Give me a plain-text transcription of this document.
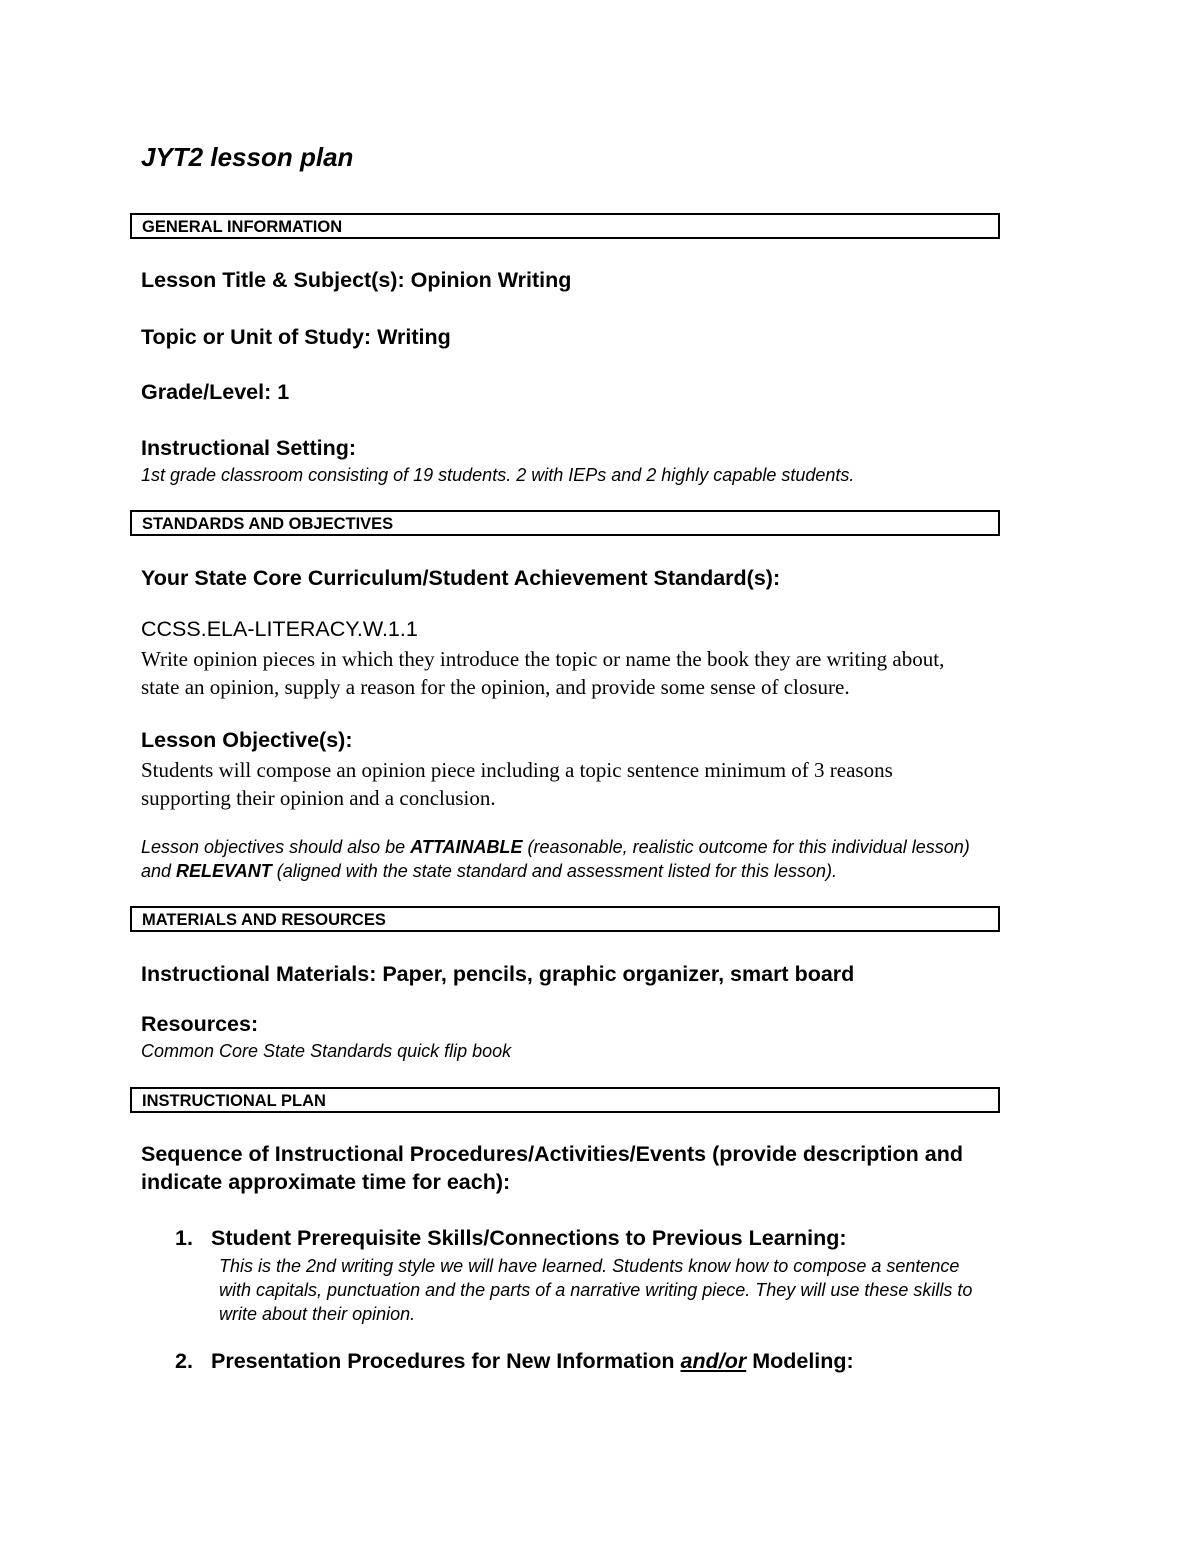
JYT2 lesson plan
GENERAL INFORMATION
Lesson Title & Subject(s): Opinion Writing
Topic or Unit of Study: Writing
Grade/Level: 1
Instructional Setting:
1st grade classroom consisting of 19 students. 2 with IEPs and 2 highly capable students.
STANDARDS AND OBJECTIVES
Your State Core Curriculum/Student Achievement Standard(s):
CCSS.ELA-LITERACY.W.1.1
Write opinion pieces in which they introduce the topic or name the book they are writing about,
state an opinion, supply a reason for the opinion, and provide some sense of closure.
Lesson Objective(s):
Students will compose an opinion piece including a topic sentence minimum of 3 reasons
supporting their opinion and a conclusion.
Lesson objectives should also be ATTAINABLE (reasonable, realistic outcome for this individual lesson)
and RELEVANT (aligned with the state standard and assessment listed for this lesson).
MATERIALS AND RESOURCES
Instructional Materials: Paper, pencils, graphic organizer, smart board
Resources:
Common Core State Standards quick flip book
INSTRUCTIONAL PLAN
Sequence of Instructional Procedures/Activities/Events (provide description and
indicate approximate time for each):
1. Student Prerequisite Skills/Connections to Previous Learning:
This is the 2nd writing style we will have learned. Students know how to compose a sentence
with capitals, punctuation and the parts of a narrative writing piece. They will use these skills to
write about their opinion.
2. Presentation Procedures for New Information and/or Modeling:
